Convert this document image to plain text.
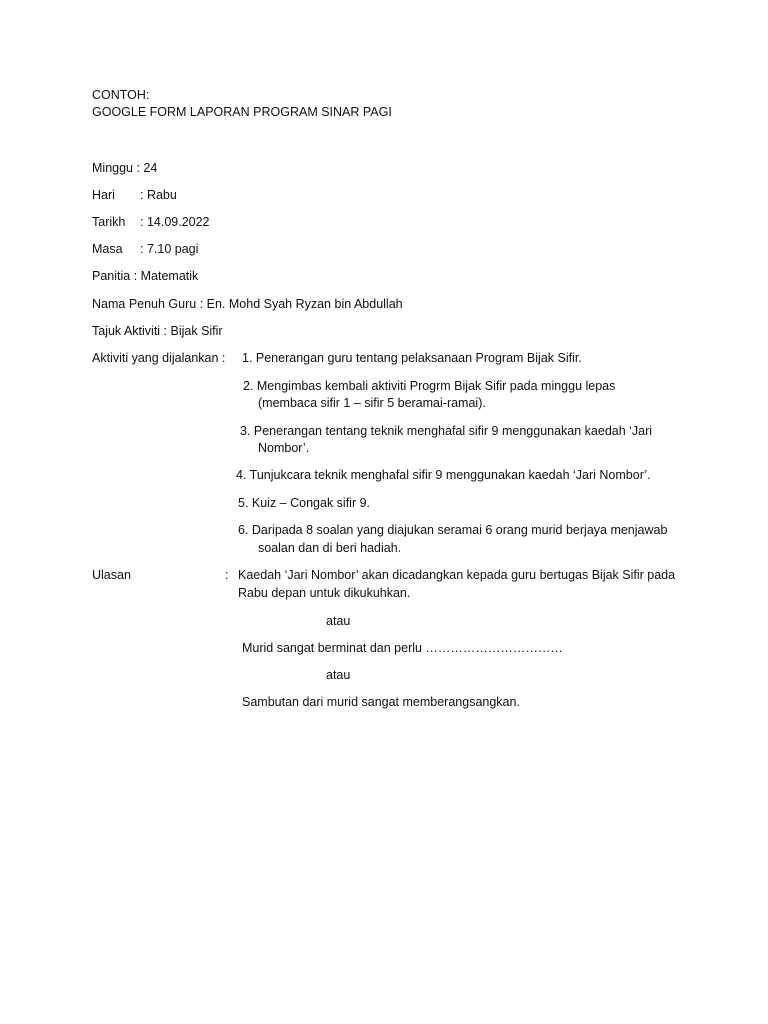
CONTOH:
GOOGLE FORM LAPORAN PROGRAM SINAR PAGI
Minggu : 24
Hari : Rabu
Tarikh : 14.09.2022
Masa : 7.10 pagi
Panitia : Matematik
Nama Penuh Guru : En. Mohd Syah Ryzan bin Abdullah
Tajuk Aktiviti : Bijak Sifir
Aktiviti yang dijalankan : 1. Penerangan guru tentang pelaksanaan Program Bijak Sifir.
2. Mengimbas kembali aktiviti Progrm Bijak Sifir pada minggu lepas
(membaca sifir 1 – sifir 5 beramai-ramai).
3. Penerangan tentang teknik menghafal sifir 9 menggunakan kaedah ‘Jari
Nombor’.
4. Tunjukcara teknik menghafal sifir 9 menggunakan kaedah ‘Jari Nombor’.
5. Kuiz – Congak sifir 9.
6. Daripada 8 soalan yang diajukan seramai 6 orang murid berjaya menjawab
soalan dan di beri hadiah.
Ulasan	: Kaedah ‘Jari Nombor’ akan dicadangkan kepada guru bertugas Bijak Sifir pada
Rabu depan untuk dikukuhkan.
atau
Murid sangat berminat dan perlu ……………………………
atau
Sambutan dari murid sangat memberangsangkan.
